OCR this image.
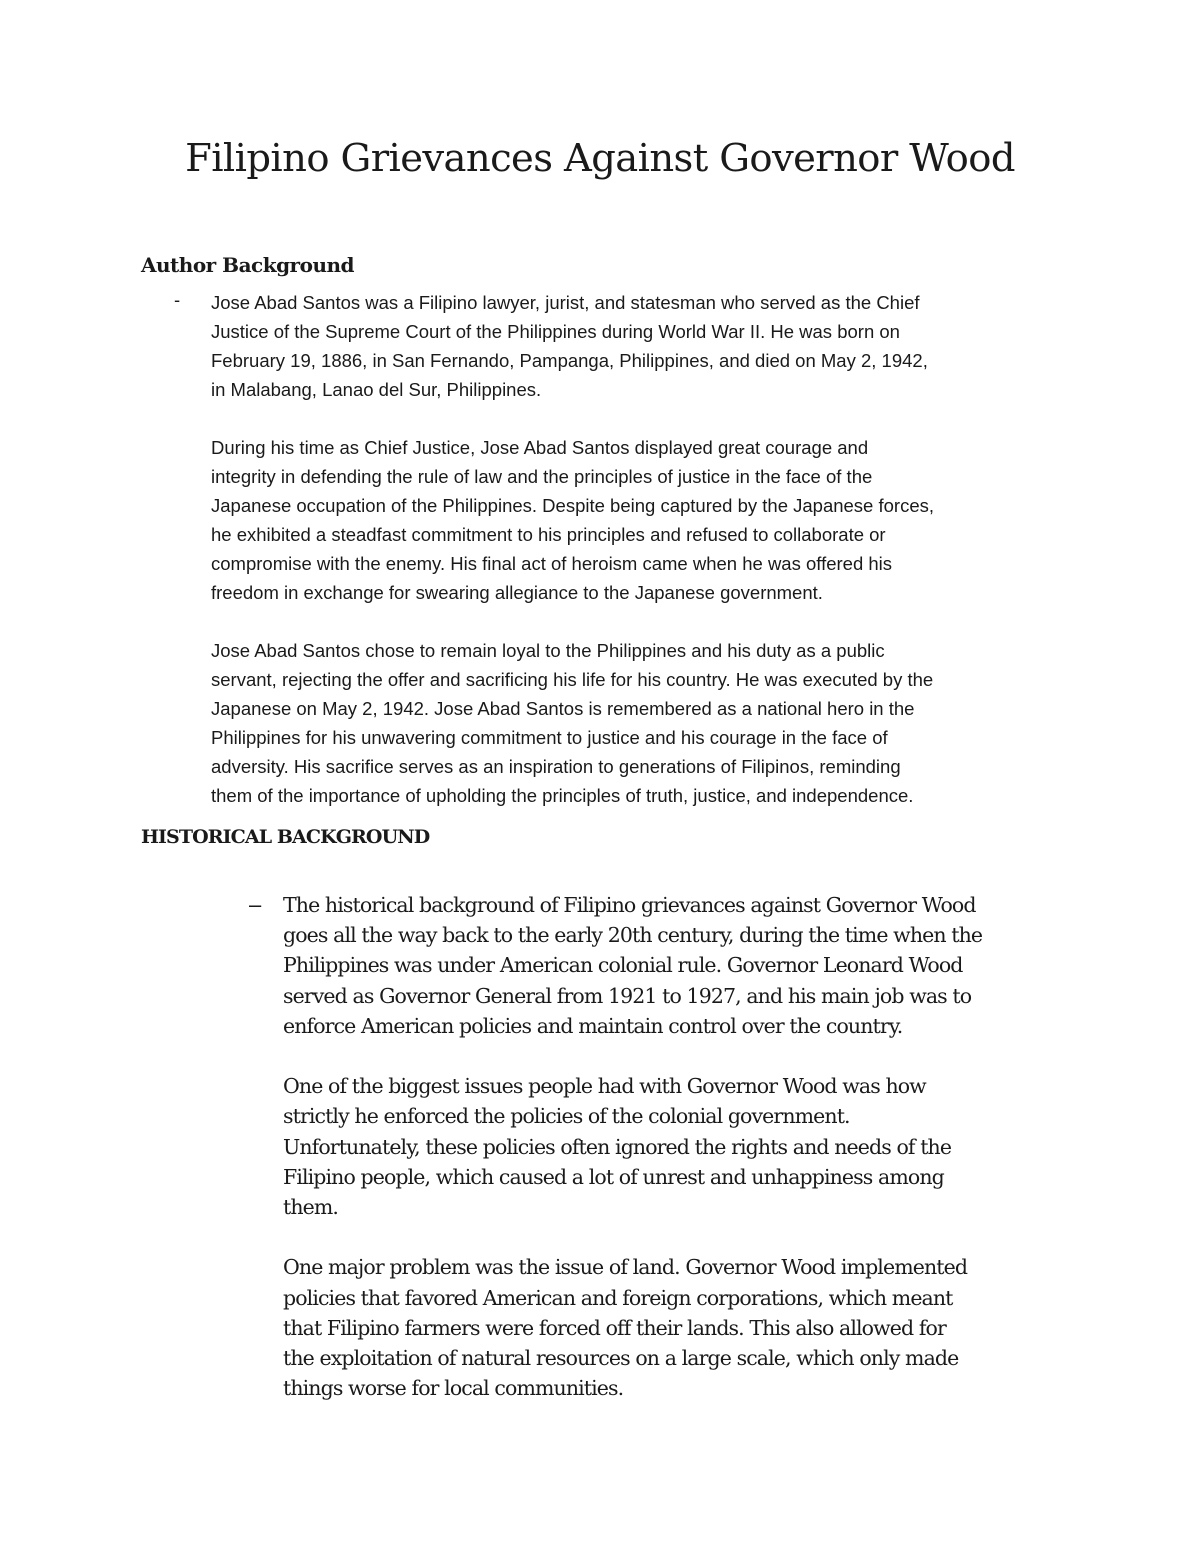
Filipino Grievances Against Governor Wood
Author Background
- Jose Abad Santos was a Filipino lawyer, jurist, and statesman who served as the Chief
Justice of the Supreme Court of the Philippines during World War II. He was born on
February 19, 1886, in San Fernando, Pampanga, Philippines, and died on May 2, 1942,
in Malabang, Lanao del Sur, Philippines.

During his time as Chief Justice, Jose Abad Santos displayed great courage and
integrity in defending the rule of law and the principles of justice in the face of the
Japanese occupation of the Philippines. Despite being captured by the Japanese forces,
he exhibited a steadfast commitment to his principles and refused to collaborate or
compromise with the enemy. His final act of heroism came when he was offered his
freedom in exchange for swearing allegiance to the Japanese government.

Jose Abad Santos chose to remain loyal to the Philippines and his duty as a public
servant, rejecting the offer and sacrificing his life for his country. He was executed by the
Japanese on May 2, 1942. Jose Abad Santos is remembered as a national hero in the
Philippines for his unwavering commitment to justice and his courage in the face of
adversity. His sacrifice serves as an inspiration to generations of Filipinos, reminding
them of the importance of upholding the principles of truth, justice, and independence.

HISTORICAL BACKGROUND
– The historical background of Filipino grievances against Governor Wood
goes all the way back to the early 20th century, during the time when the
Philippines was under American colonial rule. Governor Leonard Wood
served as Governor General from 1921 to 1927, and his main job was to
enforce American policies and maintain control over the country.

One of the biggest issues people had with Governor Wood was how
strictly he enforced the policies of the colonial government.
Unfortunately, these policies often ignored the rights and needs of the
Filipino people, which caused a lot of unrest and unhappiness among
them.

One major problem was the issue of land. Governor Wood implemented
policies that favored American and foreign corporations, which meant
that Filipino farmers were forced off their lands. This also allowed for
the exploitation of natural resources on a large scale, which only made
things worse for local communities.
